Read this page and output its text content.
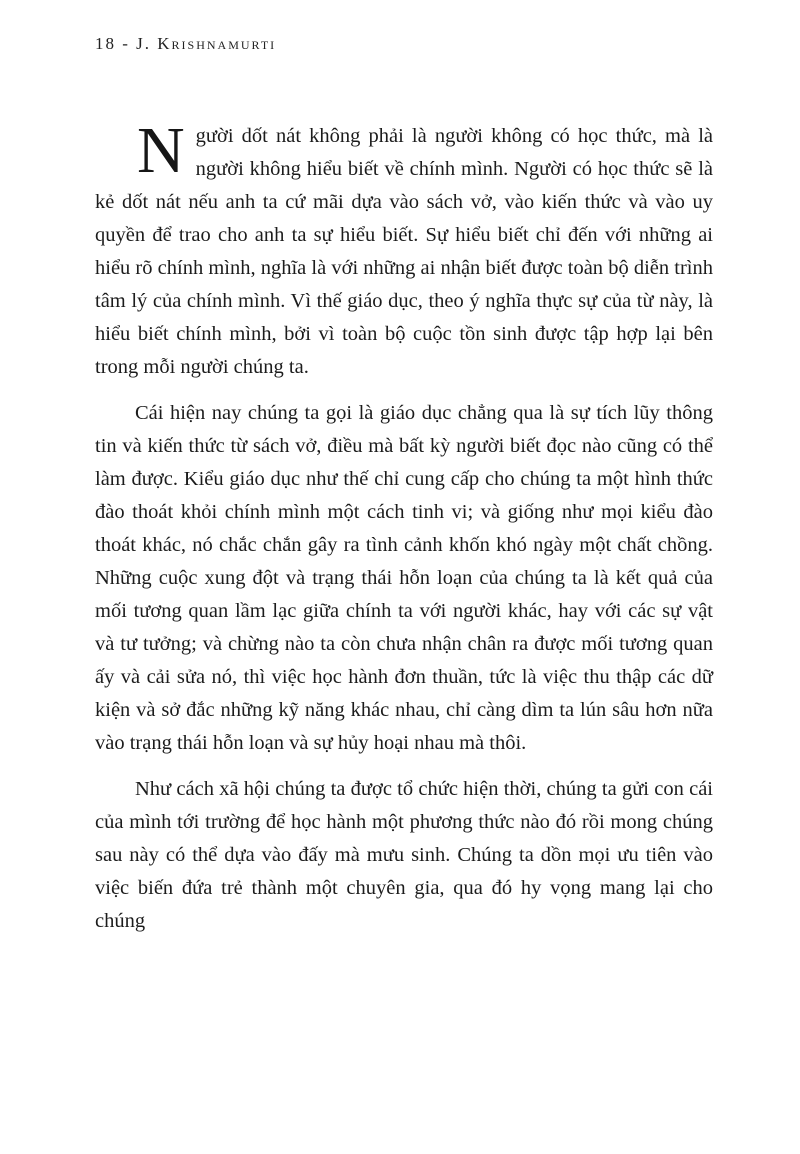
18 - J. Krishnamurti

Người dốt nát không phải là người không có học thức, mà là người không hiểu biết về chính mình. Người có học thức sẽ là kẻ dốt nát nếu anh ta cứ mãi dựa vào sách vở, vào kiến thức và vào uy quyền để trao cho anh ta sự hiểu biết. Sự hiểu biết chỉ đến với những ai hiểu rõ chính mình, nghĩa là với những ai nhận biết được toàn bộ diễn trình tâm lý của chính mình. Vì thế giáo dục, theo ý nghĩa thực sự của từ này, là hiểu biết chính mình, bởi vì toàn bộ cuộc tồn sinh được tập hợp lại bên trong mỗi người chúng ta.

Cái hiện nay chúng ta gọi là giáo dục chẳng qua là sự tích lũy thông tin và kiến thức từ sách vở, điều mà bất kỳ người biết đọc nào cũng có thể làm được. Kiểu giáo dục như thế chỉ cung cấp cho chúng ta một hình thức đào thoát khỏi chính mình một cách tinh vi; và giống như mọi kiểu đào thoát khác, nó chắc chắn gây ra tình cảnh khốn khó ngày một chất chồng. Những cuộc xung đột và trạng thái hỗn loạn của chúng ta là kết quả của mối tương quan lầm lạc giữa chính ta với người khác, hay với các sự vật và tư tưởng; và chừng nào ta còn chưa nhận chân ra được mối tương quan ấy và cải sửa nó, thì việc học hành đơn thuần, tức là việc thu thập các dữ kiện và sở đắc những kỹ năng khác nhau, chỉ càng dìm ta lún sâu hơn nữa vào trạng thái hỗn loạn và sự hủy hoại nhau mà thôi.

Như cách xã hội chúng ta được tổ chức hiện thời, chúng ta gửi con cái của mình tới trường để học hành một phương thức nào đó rồi mong chúng sau này có thể dựa vào đấy mà mưu sinh. Chúng ta dồn mọi ưu tiên vào việc biến đứa trẻ thành một chuyên gia, qua đó hy vọng mang lại cho chúng
